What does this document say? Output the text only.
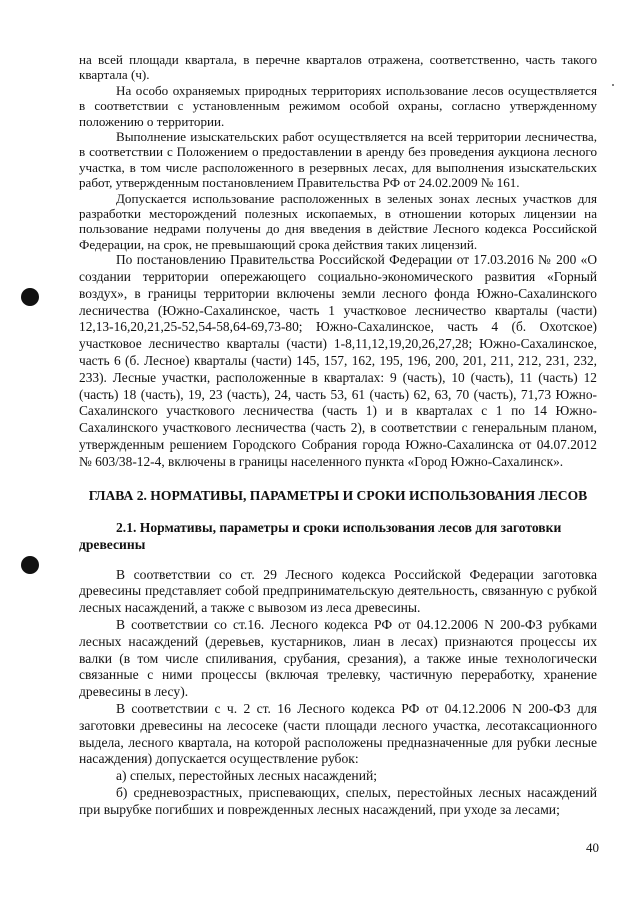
на всей площади квартала, в перечне кварталов отражена, соответственно, часть такого квартала (ч).

На особо охраняемых природных территориях использование лесов осуществляется в соответствии с установленным режимом особой охраны, согласно утвержденному положению о территории.

Выполнение изыскательских работ осуществляется на всей территории лесничества, в соответствии с Положением о предоставлении в аренду без проведения аукциона лесного участка, в том числе расположенного в резервных лесах, для выполнения изыскательских работ, утвержденным постановлением Правительства РФ от 24.02.2009 № 161.

Допускается использование расположенных в зеленых зонах лесных участков для разработки месторождений полезных ископаемых, в отношении которых лицензии на пользование недрами получены до дня введения в действие Лесного кодекса Российской Федерации, на срок, не превышающий срока действия таких лицензий.

По постановлению Правительства Российской Федерации от 17.03.2016 № 200 «О создании территории опережающего социально-экономического развития «Горный воздух», в границы территории включены земли лесного фонда Южно-Сахалинского лесничества (Южно-Сахалинское, часть 1 участковое лесничество кварталы (части) 12,13-16,20,21,25-52,54-58,64-69,73-80; Южно-Сахалинское, часть 4 (б. Охотское) участковое лесничество кварталы (части) 1-8,11,12,19,20,26,27,28; Южно-Сахалинское, часть 6 (б. Лесное) кварталы (части) 145, 157, 162, 195, 196, 200, 201, 211, 212, 231, 232, 233). Лесные участки, расположенные в кварталах: 9 (часть), 10 (часть), 11 (часть) 12 (часть) 18 (часть), 19, 23 (часть), 24, часть 53, 61 (часть) 62, 63, 70 (часть), 71,73 Южно-Сахалинского участкового лесничества (часть 1) и в кварталах с 1 по 14 Южно-Сахалинского участкового лесничества (часть 2), в соответствии с генеральным планом, утвержденным решением Городского Собрания города Южно-Сахалинска от 04.07.2012 № 603/38-12-4, включены в границы населенного пункта «Город Южно-Сахалинск».

ГЛАВА 2. НОРМАТИВЫ, ПАРАМЕТРЫ И СРОКИ ИСПОЛЬЗОВАНИЯ ЛЕСОВ
2.1. Нормативы, параметры и сроки использования лесов для заготовки древесины

В соответствии со ст. 29 Лесного кодекса Российской Федерации заготовка древесины представляет собой предпринимательскую деятельность, связанную с рубкой лесных насаждений, а также с вывозом из леса древесины.

В соответствии со ст.16. Лесного кодекса РФ от 04.12.2006 N 200-ФЗ рубками лесных насаждений (деревьев, кустарников, лиан в лесах) признаются процессы их валки (в том числе спиливания, срубания, срезания), а также иные технологически связанные с ними процессы (включая трелевку, частичную переработку, хранение древесины в лесу).

В соответствии с ч. 2 ст. 16 Лесного кодекса РФ от 04.12.2006 N 200-ФЗ для заготовки древесины на лесосеке (части площади лесного участка, лесотаксационного выдела, лесного квартала, на которой расположены предназначенные для рубки лесные насаждения) допускается осуществление рубок:

а) спелых, перестойных лесных насаждений;

б) средневозрастных, приспевающих, спелых, перестойных лесных насаждений при вырубке погибших и поврежденных лесных насаждений, при уходе за лесами;

40
